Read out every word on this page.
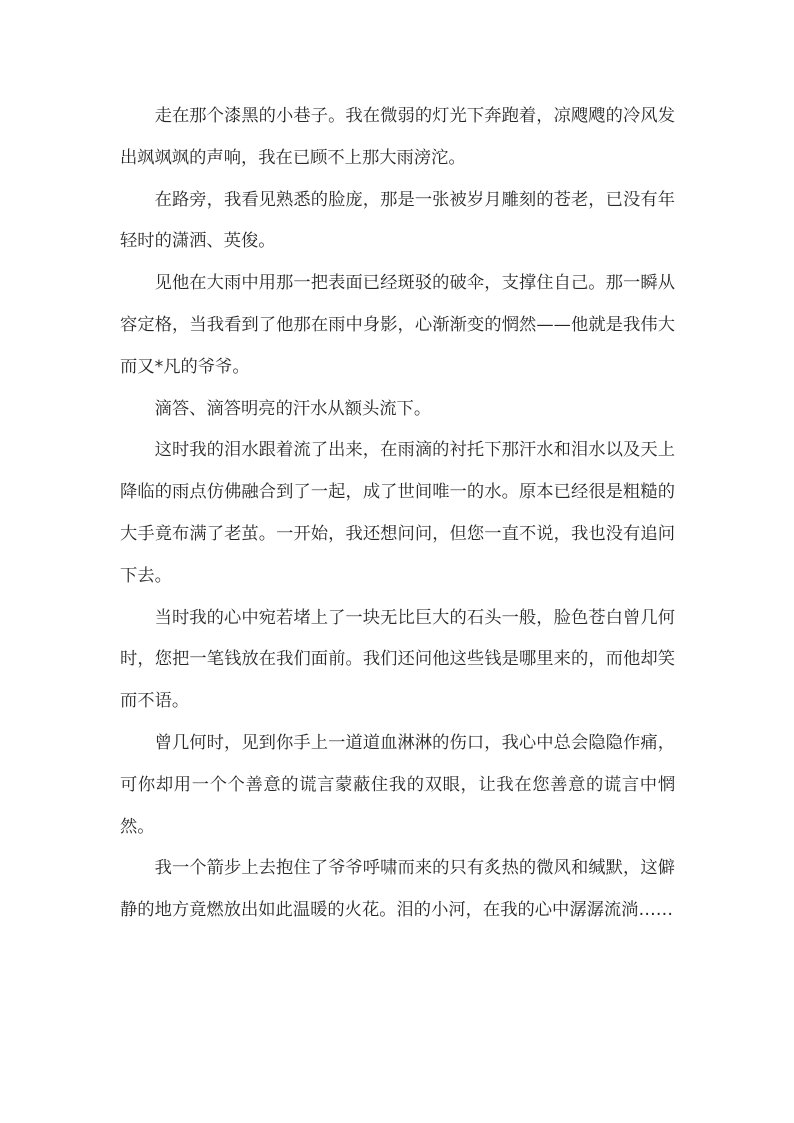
走在那个漆黑的小巷子。我在微弱的灯光下奔跑着，凉飕飕的冷风发出飒飒飒的声响，我在已顾不上那大雨滂沱。

在路旁，我看见熟悉的脸庞，那是一张被岁月雕刻的苍老，已没有年轻时的潇洒、英俊。

见他在大雨中用那一把表面已经斑驳的破伞，支撑住自己。那一瞬从容定格，当我看到了他那在雨中身影，心渐渐变的惘然——他就是我伟大而又*凡的爷爷。

滴答、滴答明亮的汗水从额头流下。

这时我的泪水跟着流了出来，在雨滴的衬托下那汗水和泪水以及天上降临的雨点仿佛融合到了一起，成了世间唯一的水。原本已经很是粗糙的大手竟布满了老茧。一开始，我还想问问，但您一直不说，我也没有追问下去。

当时我的心中宛若堵上了一块无比巨大的石头一般，脸色苍白曾几何时，您把一笔钱放在我们面前。我们还问他这些钱是哪里来的，而他却笑而不语。

曾几何时，见到你手上一道道血淋淋的伤口，我心中总会隐隐作痛，可你却用一个个善意的谎言蒙蔽住我的双眼，让我在您善意的谎言中惘然。

我一个箭步上去抱住了爷爷呼啸而来的只有炙热的微风和缄默，这僻静的地方竟燃放出如此温暖的火花。泪的小河，在我的心中潺潺流淌……
